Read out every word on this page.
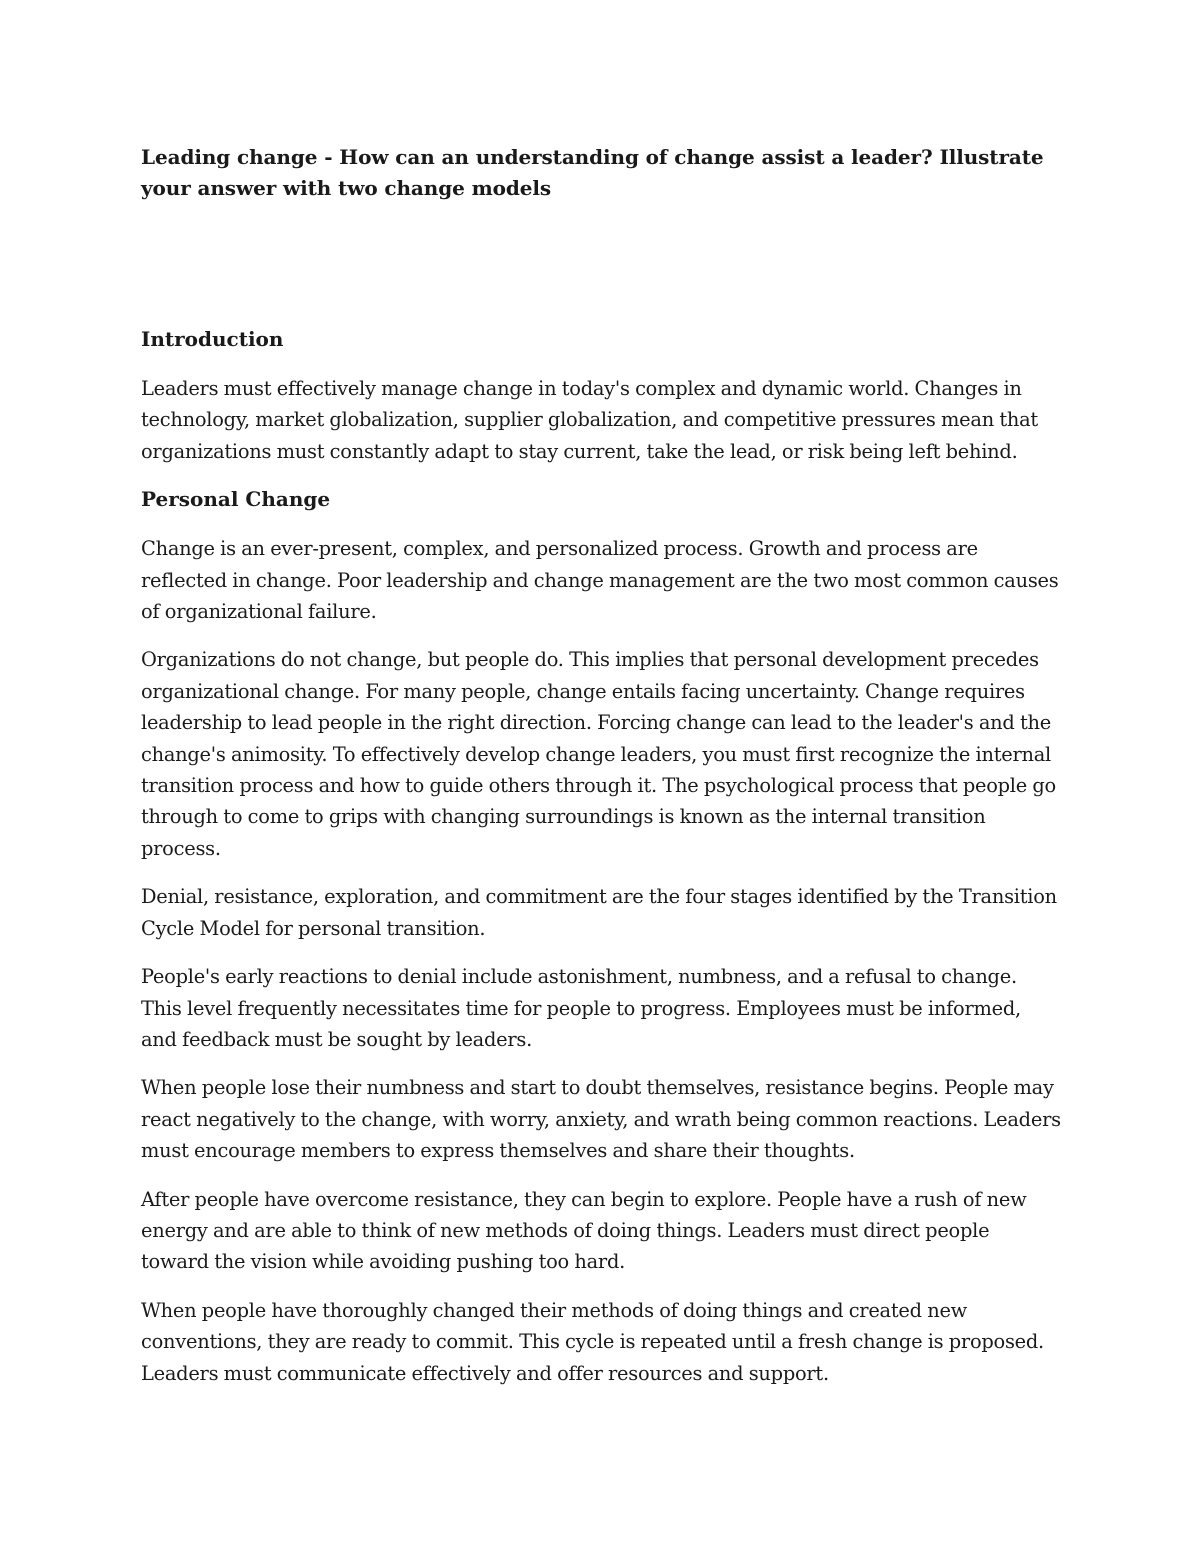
Leading change - How can an understanding of change assist a leader? Illustrate your answer with two change models
Introduction

Leaders must effectively manage change in today's complex and dynamic world. Changes in technology, market globalization, supplier globalization, and competitive pressures mean that organizations must constantly adapt to stay current, take the lead, or risk being left behind.

Personal Change

Change is an ever-present, complex, and personalized process. Growth and process are reflected in change. Poor leadership and change management are the two most common causes of organizational failure.

Organizations do not change, but people do. This implies that personal development precedes organizational change. For many people, change entails facing uncertainty. Change requires leadership to lead people in the right direction. Forcing change can lead to the leader's and the change's animosity. To effectively develop change leaders, you must first recognize the internal transition process and how to guide others through it. The psychological process that people go through to come to grips with changing surroundings is known as the internal transition process.

Denial, resistance, exploration, and commitment are the four stages identified by the Transition Cycle Model for personal transition.

People's early reactions to denial include astonishment, numbness, and a refusal to change. This level frequently necessitates time for people to progress. Employees must be informed, and feedback must be sought by leaders.

When people lose their numbness and start to doubt themselves, resistance begins. People may react negatively to the change, with worry, anxiety, and wrath being common reactions. Leaders must encourage members to express themselves and share their thoughts.

After people have overcome resistance, they can begin to explore. People have a rush of new energy and are able to think of new methods of doing things. Leaders must direct people toward the vision while avoiding pushing too hard.

When people have thoroughly changed their methods of doing things and created new conventions, they are ready to commit. This cycle is repeated until a fresh change is proposed. Leaders must communicate effectively and offer resources and support.
